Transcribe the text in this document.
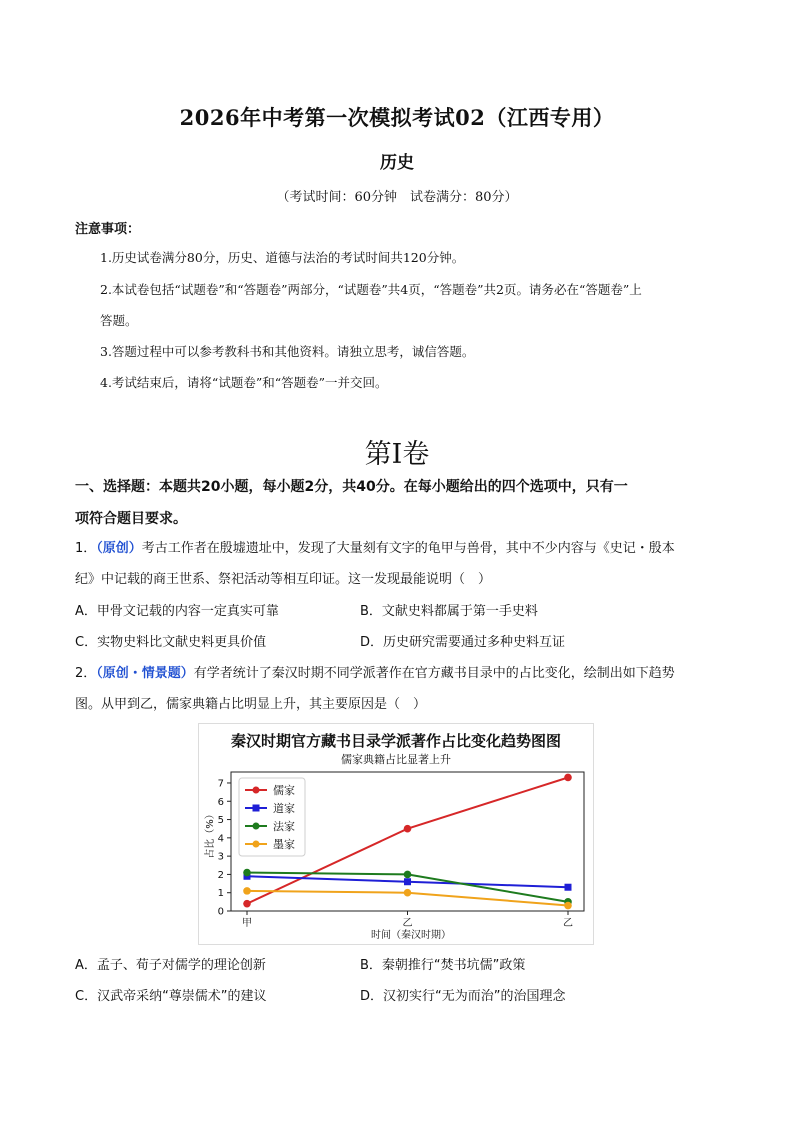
2026年中考第一次模拟考试02（江西专用）
历史
（考试时间：60分钟　试卷满分：80分）
注意事项：
1.历史试卷满分80分，历史、道德与法治的考试时间共120分钟。
2.本试卷包括“试题卷”和“答题卷”两部分，“试题卷”共4页，“答题卷”共2页。请务必在“答题卷”上
答题。
3.答题过程中可以参考教科书和其他资料。请独立思考，诚信答题。
4.考试结束后，请将“试题卷”和“答题卷”一并交回。
第Ⅰ卷
一、选择题：本题共20小题，每小题2分，共40分。在每小题给出的四个选项中，只有一
项符合题目要求。
1．（原创）考古工作者在殷墟遗址中，发现了大量刻有文字的龟甲与兽骨，其中不少内容与《史记・殷本
纪》中记载的商王世系、祭祀活动等相互印证。这一发现最能说明（　）
A．甲骨文记载的内容一定真实可靠	B．文献史料都属于第一手史料
C．实物史料比文献史料更具价值	D．历史研究需要通过多种史料互证
2．（原创・情景题）有学者统计了秦汉时期不同学派著作在官方藏书目录中的占比变化，绘制出如下趋势
图。从甲到乙，儒家典籍占比明显上升，其主要原因是（　）
秦汉时期官方藏书目录学派著作占比变化趋势图图
儒家典籍占比显著上升
0
1
2
3
4
5
6
7
甲	乙	乙
儒家
道家
法家
墨家
时间（秦汉时期）
占比（%）
A．孟子、荀子对儒学的理论创新	B．秦朝推行“焚书坑儒”政策
C．汉武帝采纳“尊崇儒术”的建议	D．汉初实行“无为而治”的治国理念
